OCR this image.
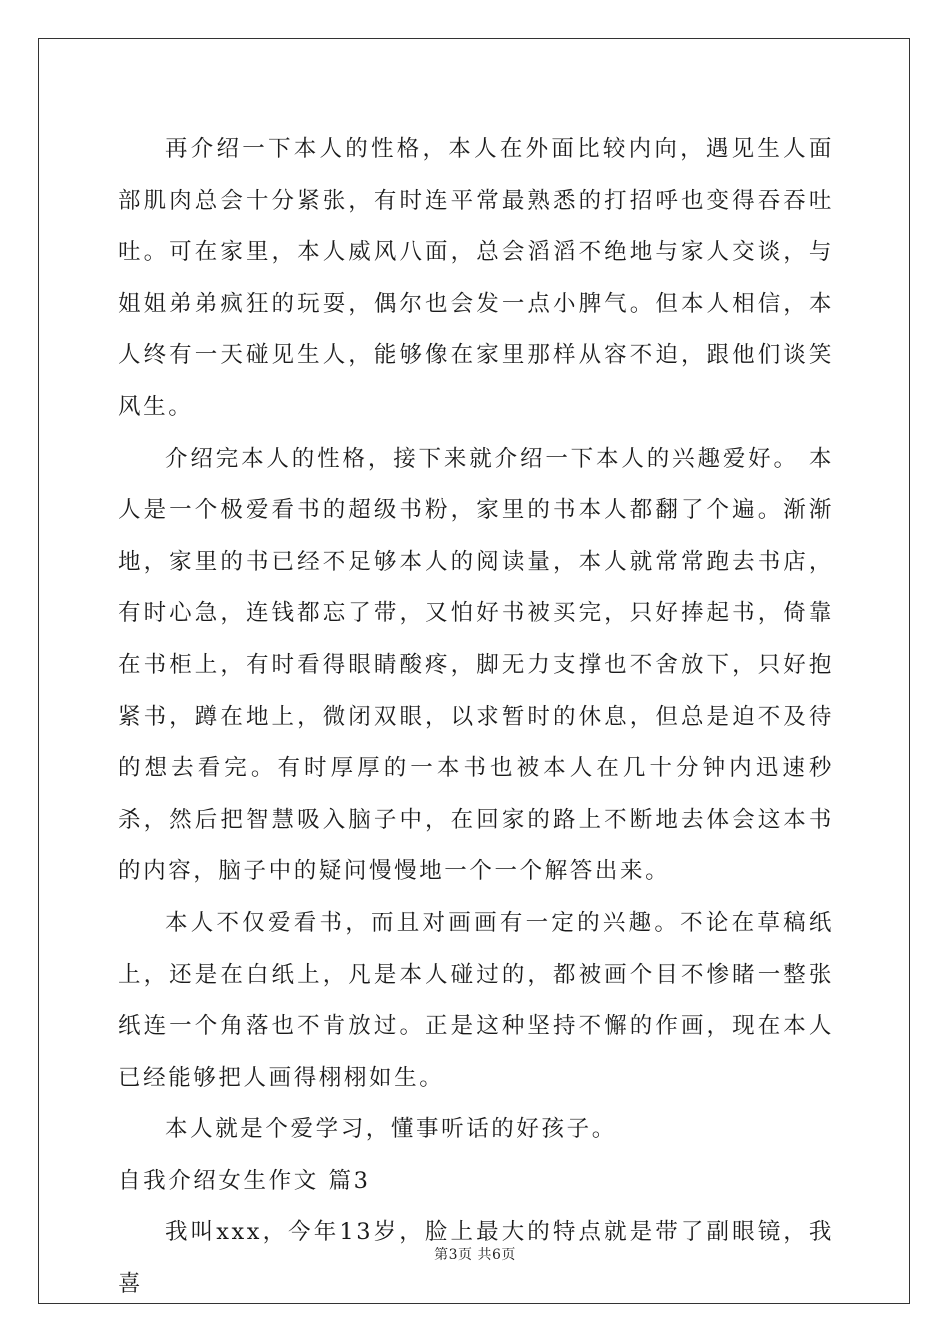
再介绍一下本人的性格，本人在外面比较内向，遇见生人面部肌肉总会十分紧张，有时连平常最熟悉的打招呼也变得吞吞吐吐。可在家里，本人威风八面，总会滔滔不绝地与家人交谈，与姐姐弟弟疯狂的玩耍，偶尔也会发一点小脾气。但本人相信，本人终有一天碰见生人，能够像在家里那样从容不迫，跟他们谈笑风生。

介绍完本人的性格，接下来就介绍一下本人的兴趣爱好。 本人是一个极爱看书的超级书粉，家里的书本人都翻了个遍。渐渐地，家里的书已经不足够本人的阅读量，本人就常常跑去书店，有时心急，连钱都忘了带，又怕好书被买完，只好捧起书，倚靠在书柜上，有时看得眼睛酸疼，脚无力支撑也不舍放下，只好抱紧书，蹲在地上，微闭双眼，以求暂时的休息，但总是迫不及待的想去看完。有时厚厚的一本书也被本人在几十分钟内迅速秒杀，然后把智慧吸入脑子中，在回家的路上不断地去体会这本书的内容，脑子中的疑问慢慢地一个一个解答出来。

本人不仅爱看书，而且对画画有一定的兴趣。不论在草稿纸上，还是在白纸上，凡是本人碰过的，都被画个目不惨睹一整张纸连一个角落也不肯放过。正是这种坚持不懈的作画，现在本人已经能够把人画得栩栩如生。

本人就是个爱学习，懂事听话的好孩子。

自我介绍女生作文 篇3

我叫xxx，今年13岁，脸上最大的特点就是带了副眼镜，我喜

第3页 共6页
